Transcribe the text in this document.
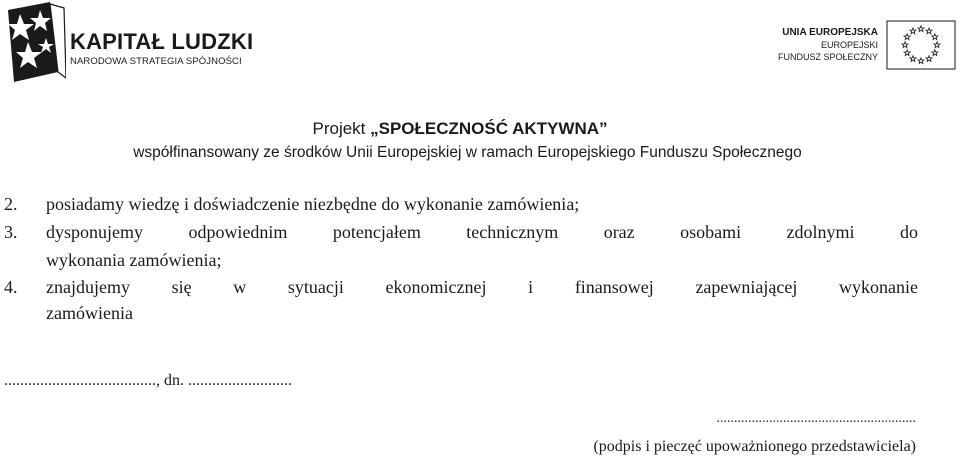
KAPITAŁ LUDZKI
NARODOWA STRATEGIA SPÓJNOŚCI
UNIA EUROPEJSKA
EUROPEJSKI
FUNDUSZ SPOŁECZNY
Projekt „SPOŁECZNOŚĆ AKTYWNA”
współfinansowany ze środków Unii Europejskiej w ramach Europejskiego Funduszu Społecznego
2. posiadamy wiedzę i doświadczenie niezbędne do wykonanie zamówienia;
3. dysponujemy	odpowiednim	potencjałem	technicznym	oraz	osobami	zdolnymi	do
wykonania zamówienia;
4. znajdujemy się w sytuacji ekonomicznej i finansowej zapewniającej wykonanie
zamówienia
......................................, dn. ..........................
.........................................................
(podpis i pieczęć upoważnionego przedstawiciela)
